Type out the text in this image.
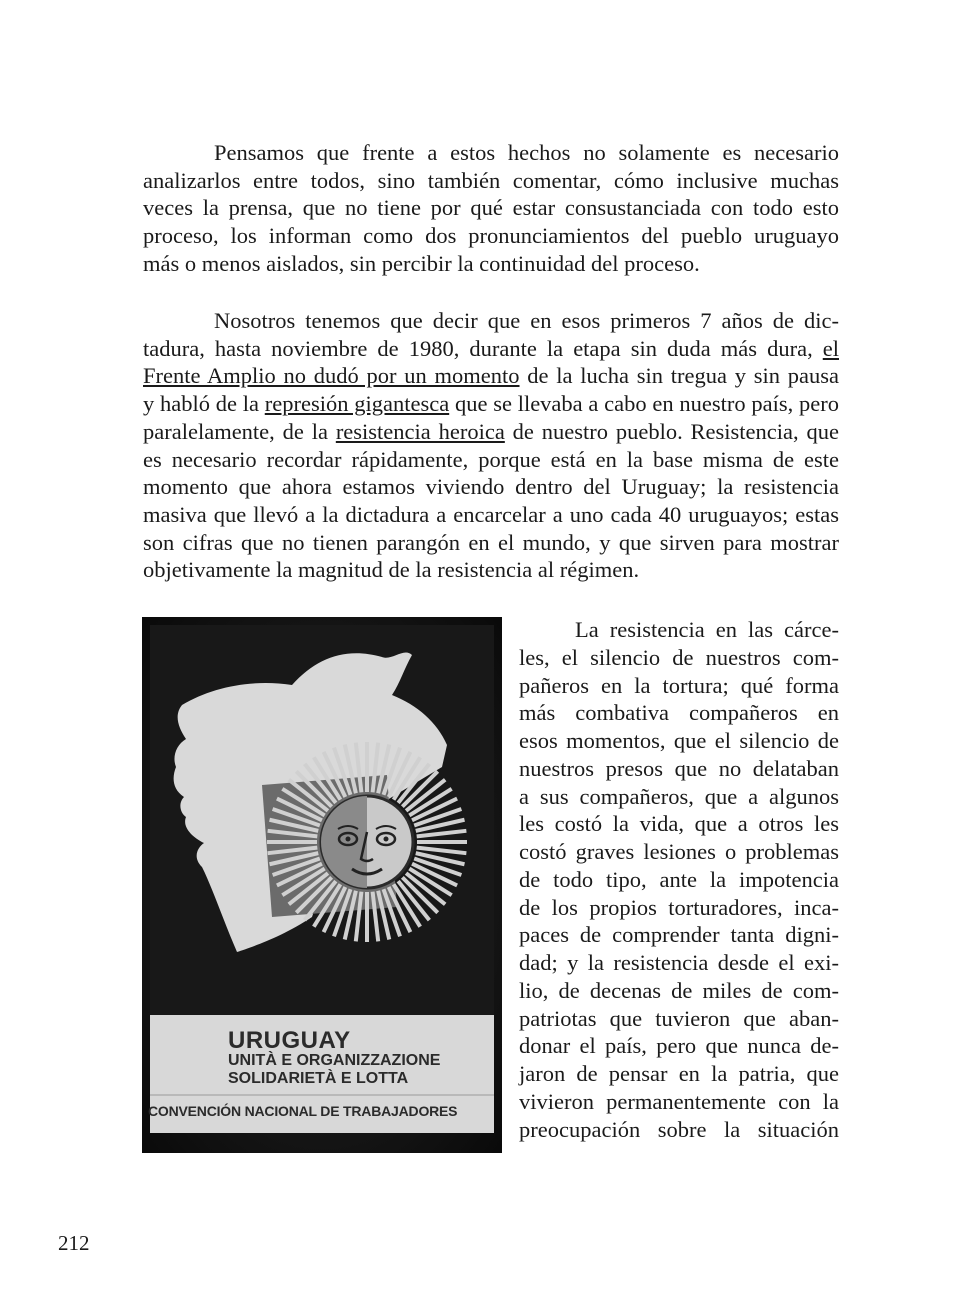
Pensamos que frente a estos hechos no solamente es necesario
analizarlos entre todos, sino también comentar, cómo inclusive muchas
veces la prensa, que no tiene por qué estar consustanciada con todo esto
proceso, los informan como dos pronunciamientos del pueblo uruguayo
más o menos aislados, sin percibir la continuidad del proceso.
Nosotros tenemos que decir que en esos primeros 7 años de dic-
tadura, hasta noviembre de 1980, durante la etapa sin duda más dura, el
Frente Amplio no dudó por un momento de la lucha sin tregua y sin pausa
y habló de la represión gigantesca que se llevaba a cabo en nuestro país, pero
paralelamente, de la resistencia heroica de nuestro pueblo. Resistencia, que
es necesario recordar rápidamente, porque está en la base misma de este
momento que ahora estamos viviendo dentro del Uruguay; la resistencia
masiva que llevó a la dictadura a encarcelar a uno cada 40 uruguayos; estas
son cifras que no tienen parangón en el mundo, y que sirven para mostrar
objetivamente la magnitud de la resistencia al régimen.
URUGUAY
UNITÀ E ORGANIZZAZIONE
SOLIDARIETÀ E LOTTA
CONVENCIÓN NACIONAL DE TRABAJADORES
La resistencia en las cárce-
les, el silencio de nuestros com-
pañeros en la tortura; qué forma
más combativa compañeros en
esos momentos, que el silencio de
nuestros presos que no delataban
a sus compañeros, que a algunos
les costó la vida, que a otros les
costó graves lesiones o problemas
de todo tipo, ante la impotencia
de los propios torturadores, inca-
paces de comprender tanta digni-
dad; y la resistencia desde el exi-
lio, de decenas de miles de com-
patriotas que tuvieron que aban-
donar el país, pero que nunca de-
jaron de pensar en la patria, que
vivieron permanentemente con la
preocupación sobre la situación
212
